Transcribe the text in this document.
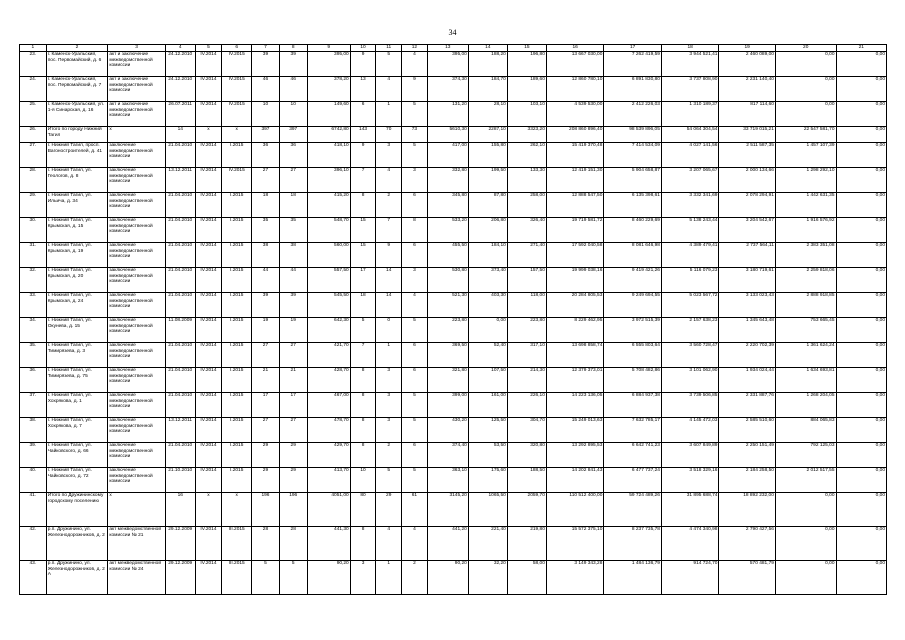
34
1	2	3	4	5	6	7	8	9	10	11	12	13	14	15	16	17	18	19	20	21
23.	г. Каменск-Уральский, пос. Первомайский, д. 6	акт и заключение межведомственной комиссии	24.12.2010	IV.2014	IV.2015	39	39	395,00	9	5	4	395,00	188,20	196,80	13 667 030,00	7 262 419,59	3 944 521,41	2 460 089,00	0,00	0,00
24.	г. Каменск-Уральский, пос. Первомайский, д. 7	акт и заключение межведомственной комиссии	24.12.2010	IV.2014	IV.2015	46	46	378,20	13	4	9	374,30	184,70	189,60	12 860 780,10	6 891 830,80	3 737 808,90	2 231 140,40	0,00	0,00
25.	г. Каменск-Уральский, ул. 1-я Синарская, д. 16	акт и заключение межведомственной комиссии	26.07.2011	IV.2014	IV.2015	10	10	149,60	6	1	5	131,20	28,10	103,10	4 539 530,00	2 412 226,03	1 310 189,37	817 114,60	0,00	0,00
26.	Итого по городу Нижний Тагил	x	14	x	x	397	397	6742,80	143	70	73	5610,30	2287,10	3323,20	208 860 896,40	98 539 896,05	54 064 304,54	33 719 015,21	22 547 581,70	0,00
27.	г. Нижний Тагил, просп. Вагоностроителей, д. 41	заключение межведомственной комиссии	21.04.2010	IV.2014	I.2015	36	36	418,10	9	3	5	417,00	155,80	262,10	15 419 370,48	7 414 534,09	4 027 141,56	2 511 587,35	1 457 107,39	0,00
28.	г. Нижний Тагил, ул. Геологов, д. 8	заключение межведомственной комиссии	13.12.2011	IV.2014	IV.2015	27	27	396,10	7	4	3	332,80	199,50	133,30	12 419 151,30	5 904 658,87	3 207 065,67	2 000 134,66	1 298 292,10	0,00
29.	г. Нижний Тагил, ул. Ильича, д. 34	заключение межведомственной комиссии	21.04.2010	IV.2014	I.2015	18	18	415,20	8	2	6	345,80	87,80	258,00	12 888 547,50	6 135 398,61	3 332 341,69	2 078 294,91	1 442 631,35	0,00
30.	г. Нижний Тагил, ул. Крымская, д. 15	заключение межведомственной комиссии	21.04.2010	IV.2014	I.2015	35	35	548,70	15	7	8	533,20	206,80	326,40	19 719 581,72	8 460 229,69	5 138 243,44	3 204 542,67	1 916 576,92	0,00
31.	г. Нижний Тагил, ул. Крымская, д. 19	заключение межведомственной комиссии	21.04.2010	IV.2014	I.2015	38	38	560,00	15	9	6	455,50	184,10	271,40	17 592 040,58	8 081 646,98	4 389 479,41	2 737 564,11	2 383 351,08	0,00
32.	г. Нижний Тагил, ул. Крымская, д. 20	заключение межведомственной комиссии	21.04.2010	IV.2014	I.2015	44	44	557,50	17	14	3	530,80	373,40	157,50	19 999 038,16	9 419 421,26	5 116 079,23	3 180 719,61	2 259 818,06	0,00
33.	г. Нижний Тагил, ул. Крымская, д. 24	заключение межведомственной комиссии	21.04.2010	IV.2014	I.2015	39	39	545,50	18	14	4	521,30	403,30	118,00	20 284 805,53	9 249 694,55	5 023 567,72	3 133 023,43	2 888 918,85	0,00
34.	г. Нижний Тагил, ул. Окунева, д. 15	заключение межведомственной комиссии	11.08.2009	IV.2014	I.2015	19	19	642,30	5	0	5	223,80	0,00	223,80	8 229 462,95	3 972 515,39	2 157 638,23	1 345 643,48	753 665,45	0,00
35.	г. Нижний Тагил, ул. Тимирязева, д. 3	заключение межведомственной комиссии	21.04.2010	IV.2014	I.2015	27	27	421,70	7	1	6	369,50	52,40	317,10	13 698 858,74	6 555 803,64	3 560 728,47	2 220 702,39	1 361 624,24	0,00
36.	г. Нижний Тагил, ул. Тимирязева, д. 75	заключение межведомственной комиссии	21.04.2010	IV.2014	I.2015	21	21	428,70	8	3	6	321,80	107,50	214,30	12 379 373,01	5 708 482,86	3 101 062,90	1 934 024,44	1 634 693,81	0,00
37.	г. Нижний Тагил, ул. Хохрякова, д. 1	заключение межведомственной комиссии	21.04.2010	IV.2014	I.2015	17	17	467,00	8	3	5	399,00	161,00	226,10	14 223 136,05	6 884 937,38	3 739 506,85	2 331 887,76	1 268 204,05	0,00
38.	г. Нижний Тагил, ул. Хохрякова, д. 7	заключение межведомственной комиссии	13.12.2011	IV.2014	I.2015	27	27	478,70	8	3	5	430,20	125,50	304,70	15 249 013,63	7 632 785,17	4 145 472,03	2 585 510,60	884 065,83	0,00
39.	г. Нижний Тагил, ул. Чайковского, д. 66	заключение межведомственной комиссии	21.04.2010	IV.2014	I.2015	29	29	429,70	8	2	6	374,40	53,50	320,80	13 292 895,53	6 642 741,23	3 607 849,89	2 250 151,49	792 125,03	0,00
40.	г. Нижний Тагил, ул. Чайковского, д. 72	заключение межведомственной комиссии	21.10.2010	IV.2014	I.2015	29	29	413,70	10	5	5	363,10	175,60	188,50	14 202 841,43	6 477 737,24	3 518 329,16	2 184 258,50	2 012 517,55	0,00
41.	Итого по Дружининскому городскому поселению	x	16	x	x	196	196	4051,00	80	29	61	3145,20	1065,50	2059,70	110 512 400,00	59 724 489,26	31 895 688,74	18 892 232,00	0,00	0,00
42.	р.п. Дружинино, ул. Железнодорожников, д. 2	акт межведомственной комиссии № 21	29.12.2009	IV.2014	III.2015	28	28	441,30	8	4	4	441,20	221,40	219,80	15 572 375,10	8 237 735,78	4 474 340,98	2 790 427,56	0,00	0,00
43.	р.п. Дружинино, ул. Железнодорожников, д. 2 А	акт межведомственной комиссии № 24	29.12.2009	IV.2014	III.2015	5	5	90,20	3	1	2	90,20	32,20	58,00	3 149 343,28	1 484 136,79	914 724,70	570 481,79	0,00	0,00
